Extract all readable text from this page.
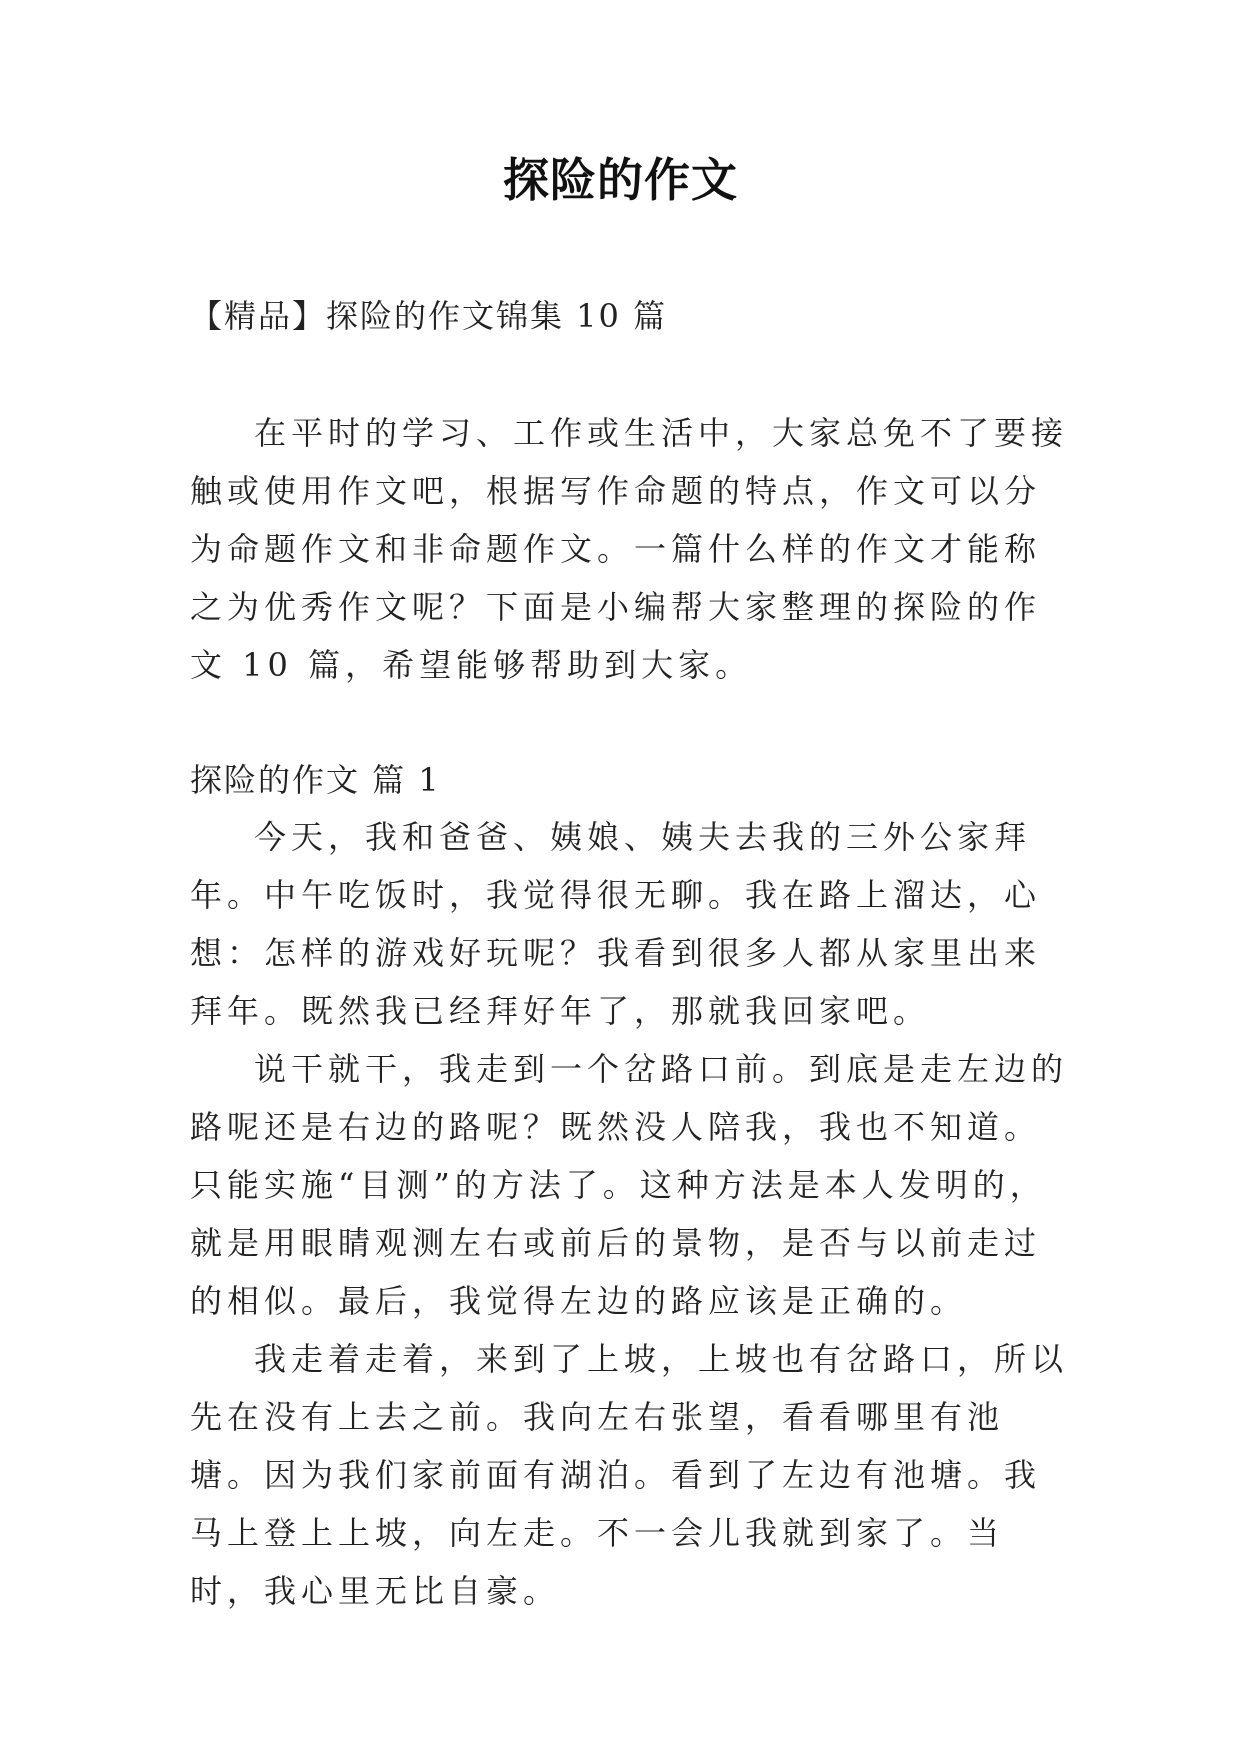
探险的作文
【精品】探险的作文锦集 10 篇

在平时的学习、工作或生活中，大家总免不了要接触或使用作文吧，根据写作命题的特点，作文可以分为命题作文和非命题作文。一篇什么样的作文才能称之为优秀作文呢？下面是小编帮大家整理的探险的作文 10 篇，希望能够帮助到大家。

探险的作文 篇 1

今天，我和爸爸、姨娘、姨夫去我的三外公家拜年。中午吃饭时，我觉得很无聊。我在路上溜达，心想：怎样的游戏好玩呢？我看到很多人都从家里出来拜年。既然我已经拜好年了，那就我回家吧。

说干就干，我走到一个岔路口前。到底是走左边的路呢还是右边的路呢？既然没人陪我，我也不知道。只能实施“目测”的方法了。这种方法是本人发明的，就是用眼睛观测左右或前后的景物，是否与以前走过的相似。最后，我觉得左边的路应该是正确的。

我走着走着，来到了上坡，上坡也有岔路口，所以先在没有上去之前。我向左右张望，看看哪里有池塘。因为我们家前面有湖泊。看到了左边有池塘。我马上登上上坡，向左走。不一会儿我就到家了。当时，我心里无比自豪。
